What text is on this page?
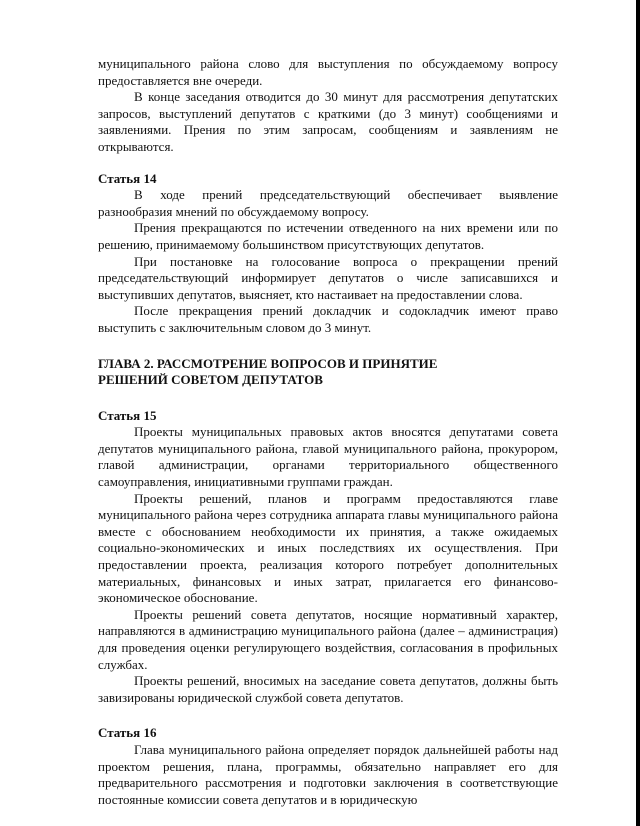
муниципального района слово для выступления по обсуждаемому вопросу предоставляется вне очереди.

В конце заседания отводится до 30 минут для рассмотрения депутатских запросов, выступлений депутатов с краткими (до 3 минут) сообщениями и заявлениями. Прения по этим запросам, сообщениям и заявлениям не открываются.

Статья 14

В ходе прений председательствующий обеспечивает выявление разнообразия мнений по обсуждаемому вопросу.

Прения прекращаются по истечении отведенного на них времени или по решению, принимаемому большинством присутствующих депутатов.

При постановке на голосование вопроса о прекращении прений председательствующий информирует депутатов о числе записавшихся и выступивших депутатов, выясняет, кто настаивает на предоставлении слова.

После прекращения прений докладчик и содокладчик имеют право выступить с заключительным словом до 3 минут.

ГЛАВА 2. РАССМОТРЕНИЕ ВОПРОСОВ И ПРИНЯТИЕ

РЕШЕНИЙ СОВЕТОМ ДЕПУТАТОВ

Статья 15

Проекты муниципальных правовых актов вносятся депутатами совета депутатов муниципального района, главой муниципального района, прокурором, главой администрации, органами территориального общественного самоуправления, инициативными группами граждан.

Проекты решений, планов и программ предоставляются главе муниципального района через сотрудника аппарата главы муниципального района вместе с обоснованием необходимости их принятия, а также ожидаемых социально-экономических и иных последствиях их осуществления. При предоставлении проекта, реализация которого потребует дополнительных материальных, финансовых и иных затрат, прилагается его финансово-экономическое обоснование.

Проекты решений совета депутатов, носящие нормативный характер, направляются в администрацию муниципального района (далее – администрация) для проведения оценки регулирующего воздействия, согласования в профильных службах.

Проекты решений, вносимых на заседание совета депутатов, должны быть завизированы юридической службой совета депутатов.

Статья 16

Глава муниципального района определяет порядок дальнейшей работы над проектом решения, плана, программы, обязательно направляет его для предварительного рассмотрения и подготовки заключения в соответствующие постоянные комиссии совета депутатов и в юридическую
